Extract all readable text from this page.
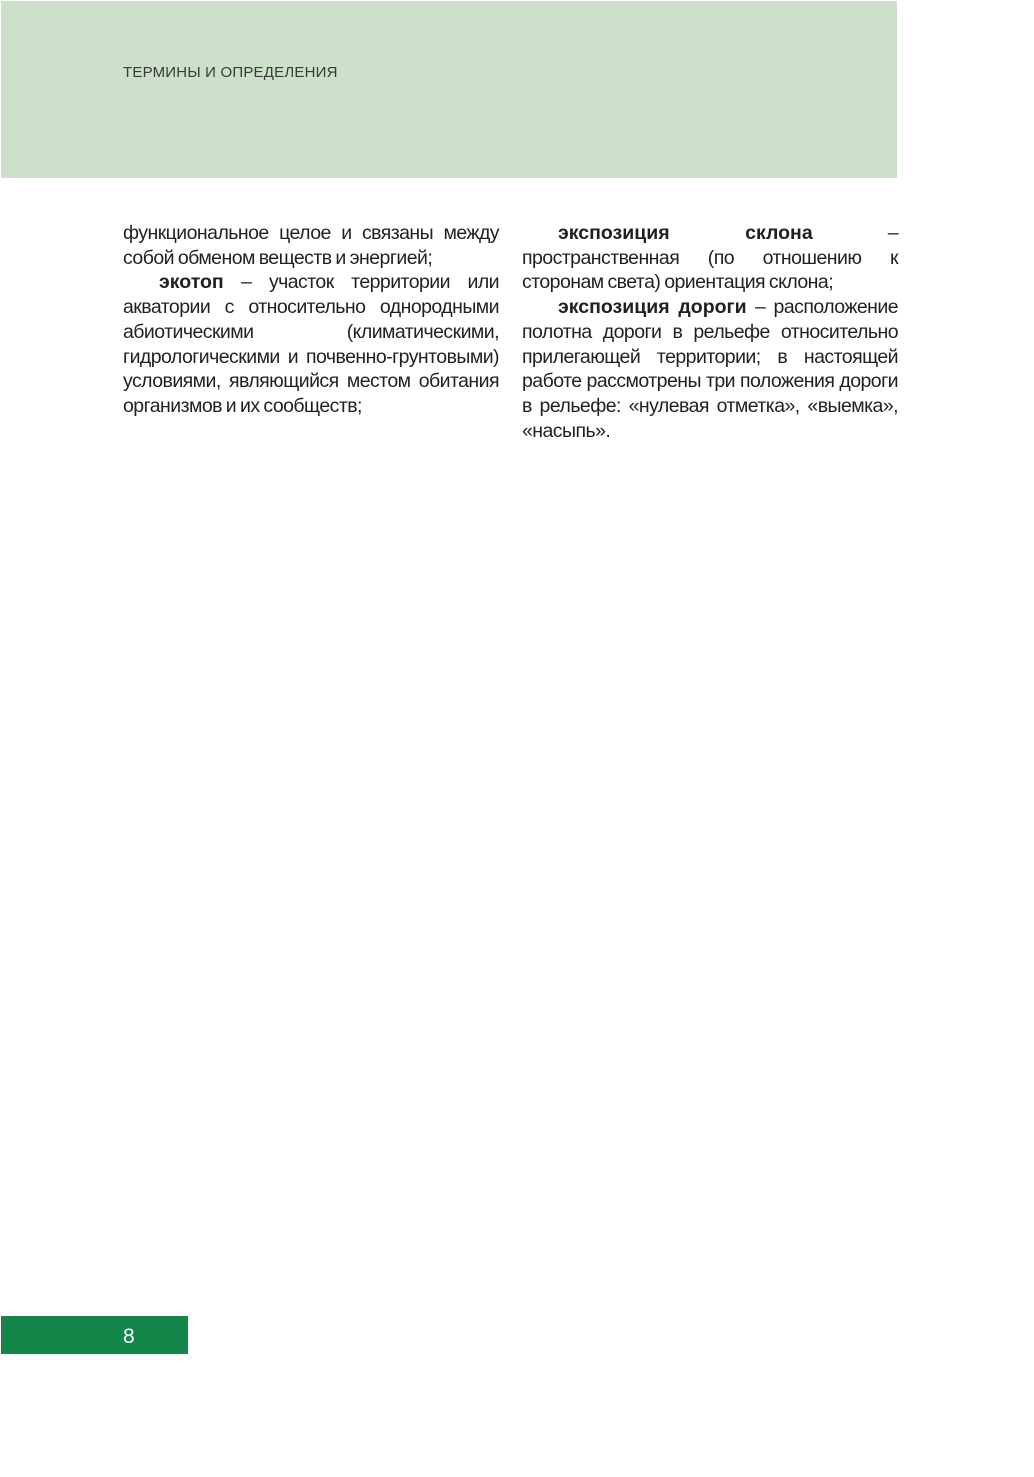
ТЕРМИНЫ И ОПРЕДЕЛЕНИЯ

функциональное целое и связаны между собой обменом веществ и энергией;

экотоп – участок территории или акватории с относительно однородными абиотическими (климатическими, гидрологическими и почвенно-грунтовыми) условиями, являющийся местом обитания организмов и их сообществ;

экспозиция склона – пространственная (по отношению к сторонам света) ориентация склона;

экспозиция дороги – расположение полотна дороги в рельефе относительно прилегающей территории; в настоящей работе рассмотрены три положения дороги в рельефе: «нулевая отметка», «выемка», «насыпь».

8
